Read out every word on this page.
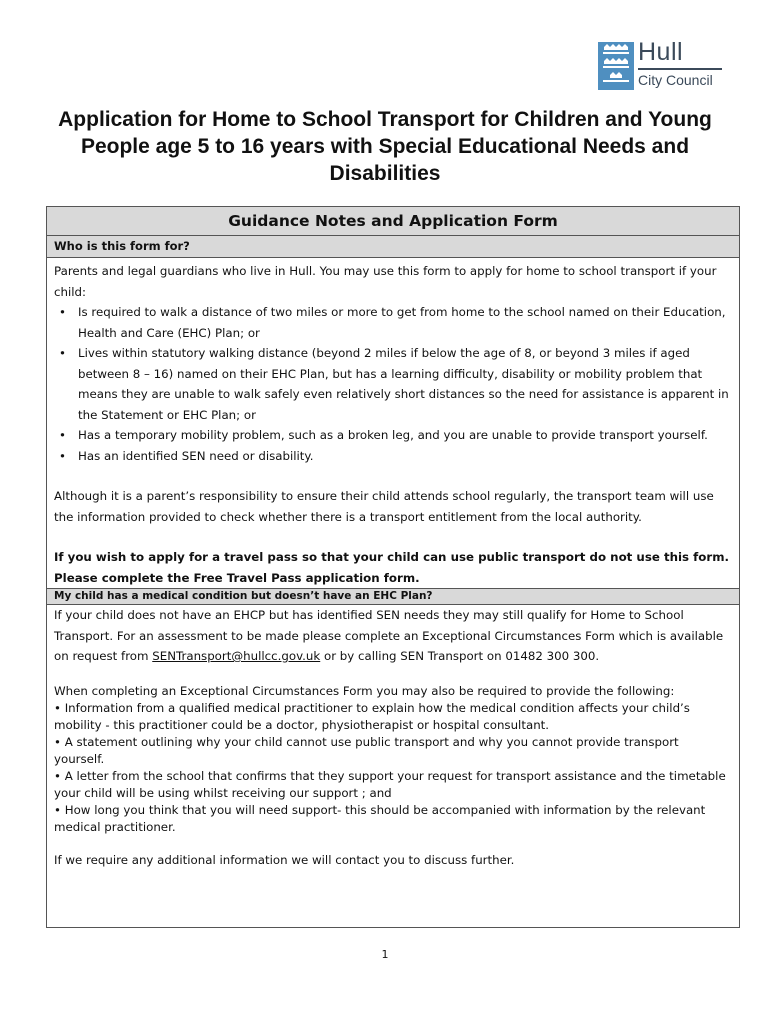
Hull
City Council
Application for Home to School Transport for Children and Young People age 5 to 16 years with Special Educational Needs and Disabilities
Guidance Notes and Application Form
Who is this form for?

Parents and legal guardians who live in Hull. You may use this form to apply for home to school transport if your child:

• Is required to walk a distance of two miles or more to get from home to the school named on their Education, Health and Care (EHC) Plan; or
• Lives within statutory walking distance (beyond 2 miles if below the age of 8, or beyond 3 miles if aged between 8 – 16) named on their EHC Plan, but has a learning difficulty, disability or mobility problem that means they are unable to walk safely even relatively short distances so the need for assistance is apparent in the Statement or EHC Plan; or
• Has a temporary mobility problem, such as a broken leg, and you are unable to provide transport yourself.
• Has an identified SEN need or disability.

Although it is a parent’s responsibility to ensure their child attends school regularly, the transport team will use the information provided to check whether there is a transport entitlement from the local authority.

If you wish to apply for a travel pass so that your child can use public transport do not use this form. Please complete the Free Travel Pass application form.

My child has a medical condition but doesn’t have an EHC Plan?

If your child does not have an EHCP but has identified SEN needs they may still qualify for Home to School Transport. For an assessment to be made please complete an Exceptional Circumstances Form which is available on request from SENTransport@hullcc.gov.uk or by calling SEN Transport on 01482 300 300.

When completing an Exceptional Circumstances Form you may also be required to provide the following:

• Information from a qualified medical practitioner to explain how the medical condition affects your child’s mobility - this practitioner could be a doctor, physiotherapist or hospital consultant.

• A statement outlining why your child cannot use public transport and why you cannot provide transport yourself.

• A letter from the school that confirms that they support your request for transport assistance and the timetable your child will be using whilst receiving our support ; and

• How long you think that you will need support- this should be accompanied with information by the relevant medical practitioner.

If we require any additional information we will contact you to discuss further.

1
